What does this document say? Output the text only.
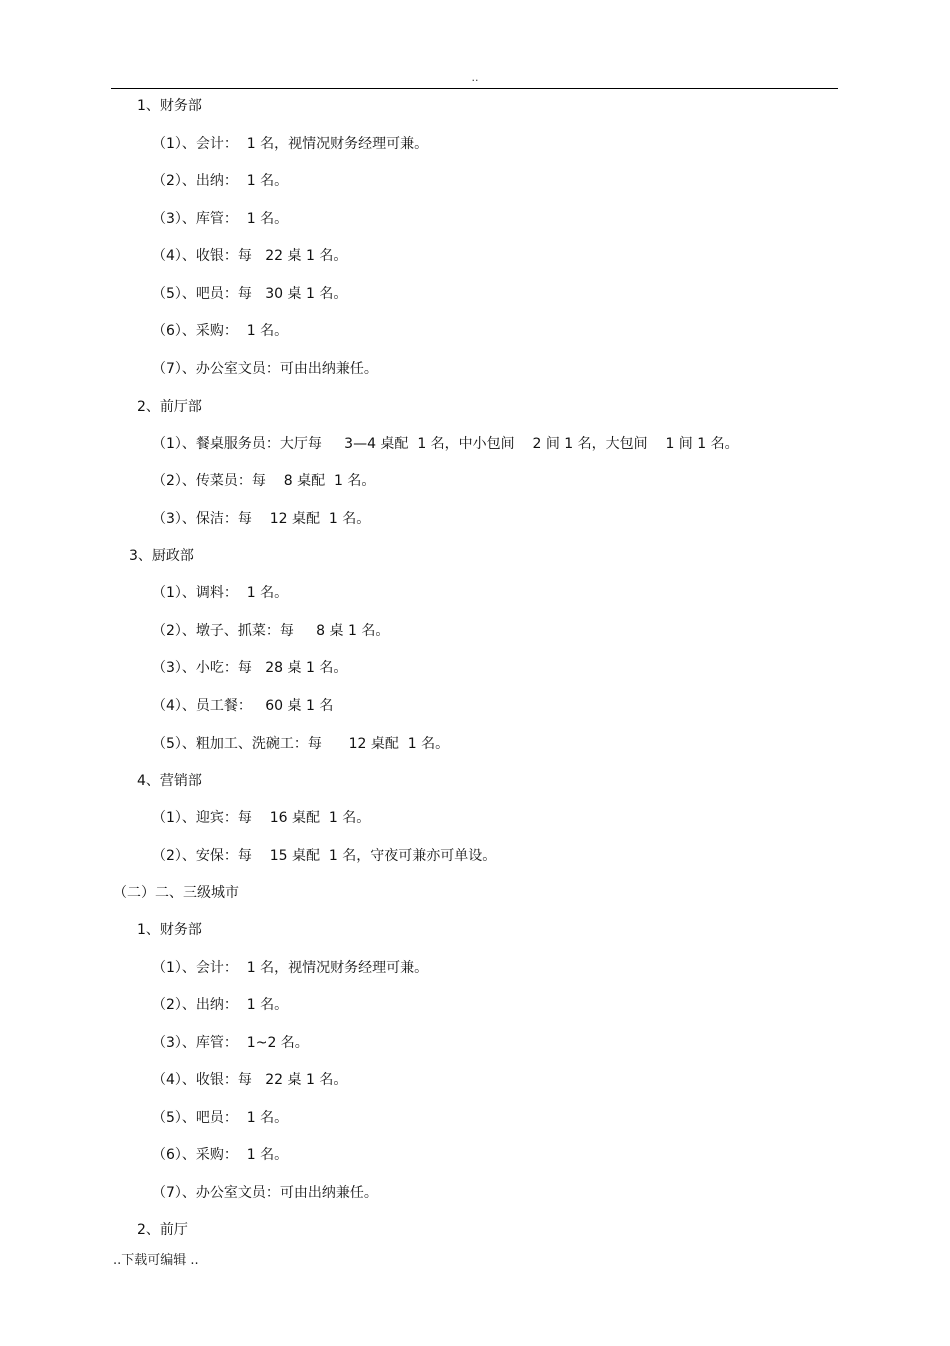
..
1、财务部
（1）、会计：  1 名，视情况财务经理可兼。
（2）、出纳：  1 名。
（3）、库管：  1 名。
（4）、收银：每   22 桌 1 名。
（5）、吧员：每   30 桌 1 名。
（6）、采购：  1 名。
（7）、办公室文员：可由出纳兼任。
2、前厅部
（1）、餐桌服务员：大厅每     3—4 桌配  1 名，中小包间    2 间 1 名，大包间    1 间 1 名。
（2）、传菜员：每    8 桌配  1 名。
（3）、保洁：每    12 桌配  1 名。
3、厨政部
（1）、调料：  1 名。
（2）、墩子、抓菜：每     8 桌 1 名。
（3）、小吃：每   28 桌 1 名。
（4）、员工餐：   60 桌 1 名
（5）、粗加工、洗碗工：每      12 桌配  1 名。
4、营销部
（1）、迎宾：每    16 桌配  1 名。
（2）、安保：每    15 桌配  1 名，守夜可兼亦可单设。
（二）二、三级城市
1、财务部
（1）、会计：  1 名，视情况财务经理可兼。
（2）、出纳：  1 名。
（3）、库管：  1~2 名。
（4）、收银：每   22 桌 1 名。
（5）、吧员：  1 名。
（6）、采购：  1 名。
（7）、办公室文员：可由出纳兼任。
2、前厅
..下载可编辑 ..
